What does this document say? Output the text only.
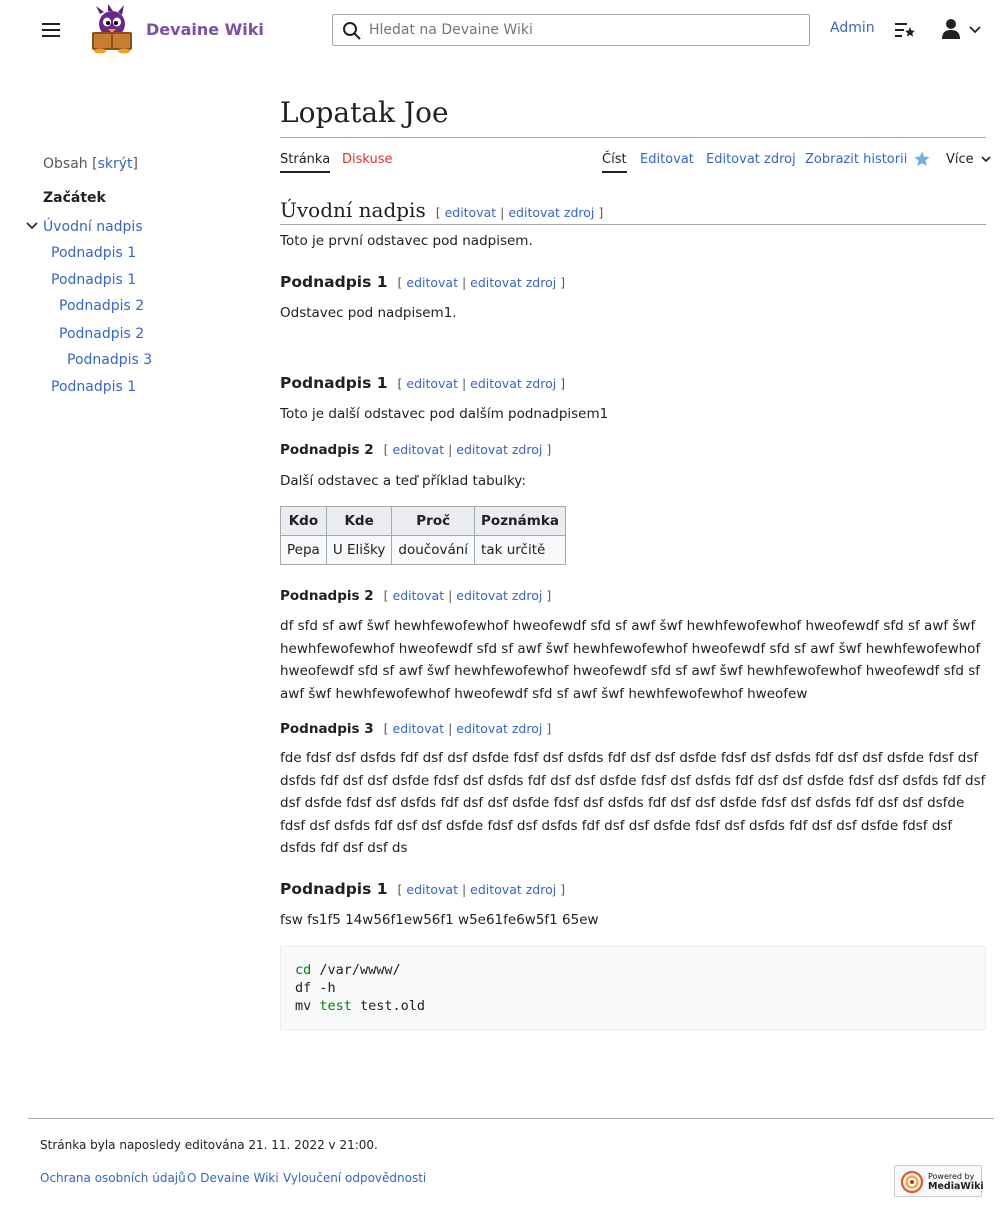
Devaine Wiki
Hledat na Devaine Wiki	Admin
Obsah [skrýt]
Začátek
Úvodní nadpis
Podnadpis 1
Podnadpis 1
Podnadpis 2
Podnadpis 2
Podnadpis 3
Podnadpis 1
Lopatak Joe
Stránka Diskuse	Číst Editovat Editovat zdroj Zobrazit historii	Více
Úvodní nadpis [ editovat | editovat zdroj ]

Toto je první odstavec pod nadpisem.

Podnadpis 1 [ editovat | editovat zdroj ]

Odstavec pod nadpisem1.

Podnadpis 1 [ editovat | editovat zdroj ]

Toto je další odstavec pod dalším podnadpisem1

Podnadpis 2 [ editovat | editovat zdroj ]

Další odstavec a teď příklad tabulky:

Kdo	Kde	Proč	Poznámka
Pepa	U Elišky	doučování	tak určitě
Podnadpis 2 [ editovat | editovat zdroj ]

df sfd sf awf šwf hewhfewofewhof hweofewdf sfd sf awf šwf hewhfewofewhof hweofewdf sfd sf awf šwf hewhfewofewhof hweofewdf sfd sf awf šwf hewhfewofewhof hweofewdf sfd sf awf šwf hewhfewofewhof hweofewdf sfd sf awf šwf hewhfewofewhof hweofewdf sfd sf awf šwf hewhfewofewhof hweofewdf sfd sf awf šwf hewhfewofewhof hweofewdf sfd sf awf šwf hewhfewofewhof hweofew

Podnadpis 3 [ editovat | editovat zdroj ]

fde fdsf dsf dsfds fdf dsf dsf dsfde fdsf dsf dsfds fdf dsf dsf dsfde fdsf dsf dsfds fdf dsf dsf dsfde fdsf dsf dsfds fdf dsf dsf dsfde fdsf dsf dsfds fdf dsf dsf dsfde fdsf dsf dsfds fdf dsf dsf dsfde fdsf dsf dsfds fdf dsf dsf dsfde fdsf dsf dsfds fdf dsf dsf dsfde fdsf dsf dsfds fdf dsf dsf dsfde fdsf dsf dsfds fdf dsf dsf dsfde fdsf dsf dsfds fdf dsf dsf dsfde fdsf dsf dsfds fdf dsf dsf dsfde fdsf dsf dsfds fdf dsf dsf dsfde fdsf dsf dsfds fdf dsf dsf ds

Podnadpis 1 [ editovat | editovat zdroj ]

fsw fs1f5 14w56f1ew56f1 w5e61fe6w5f1 65ew

cd /var/wwww/
df -h
mv test test.old
Stránka byla naposledy editována 21. 11. 2022 v 21:00.
Ochrana osobních údajů O Devaine Wiki Vyloučení odpovědnosti	Powered by
MediaWiki
